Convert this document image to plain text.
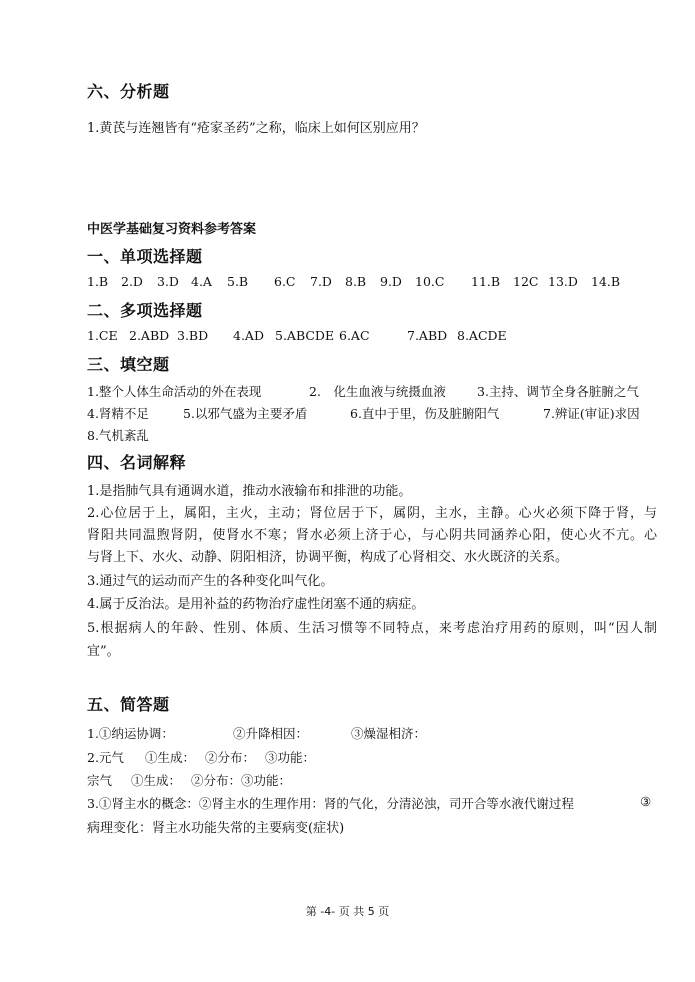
六、分析题
1.黄芪与连翘皆有“疮家圣药”之称，临床上如何区别应用？
中医学基础复习资料参考答案
一、单项选择题
1.B 2.D 3.D 4.A 5.B 6.C 7.D 8.B 9.D 10.C 11.B 12C 13.D 14.B
二、多项选择题
1.CE 2.ABD 3.BD 4.AD 5.ABCDE 6.AC	7.ABD 8.ACDE
三、填空题
1.整个人体生命活动的外在表现	2.　化生血液与统摄血液 3.主持、调节全身各脏腑之气
4.肾精不足	5.以邪气盛为主要矛盾	6.直中于里，伤及脏腑阳气	7.辨证(审证)求因
8.气机紊乱
四、名词解释
1.是指肺气具有通调水道，推动水液输布和排泄的功能。
2.心位居于上，属阳，主火，主动；肾位居于下，属阴，主水，主静。心火必须下降于肾，与
肾阳共同温煦肾阴，使肾水不寒；肾水必须上济于心，与心阴共同涵养心阳，使心火不亢。心
与肾上下、水火、动静、阴阳相济，协调平衡，构成了心肾相交、水火既济的关系。
3.通过气的运动而产生的各种变化叫气化。
4.属于反治法。是用补益的药物治疗虚性闭塞不通的病症。
5.根据病人的年龄、性别、体质、生活习惯等不同特点，来考虑治疗用药的原则，叫“因人制
宜”。
五、简答题
1.①纳运协调：	②升降相因：	③燥湿相济：
2.元气 ①生成： ②分布： ③功能：
宗气 ①生成： ②分布：③功能：
3.①肾主水的概念：②肾主水的生理作用：肾的气化，分清泌浊，司开合等水液代谢过程	③
病理变化：肾主水功能失常的主要病变(症状)
第 -4- 页 共 5 页
